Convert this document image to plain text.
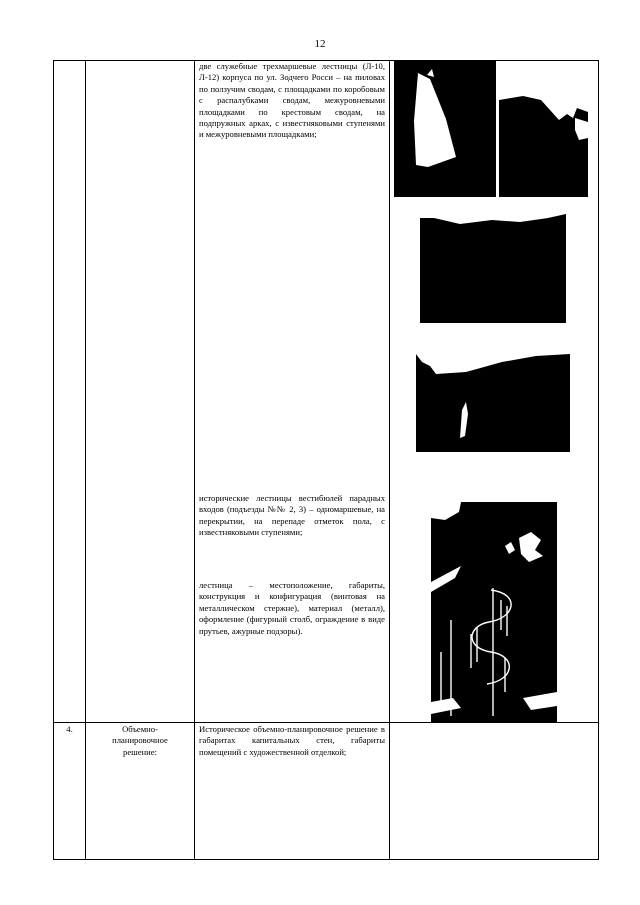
12
две служебные трехмаршевые лестницы (Л-10, Л-12) корпуса по ул. Зодчего Росси – на пиловах по ползучим сводам, с площадками по коробовым с распалубками сводам, межуровневыми площадками по крестовым сводам, на подпружных арках, с известняковыми ступенями и межуровневыми площадками;
исторические лестницы вестибюлей парадных входов (подъезды №№ 2, 3) – одномаршевые, на перекрытии, на перепаде отметок пола, с известняковыми ступенями;
лестница – местоположение, габариты, конструкция и конфигурация (винтовая на металлическом стержне), материал (металл), оформление (фигурный столб, ограждение в виде прутьев, ажурные подзоры).
4.	Объемно-планировочное решение:
Историческое объемно-планировочное решение в габаритах капитальных стен, габариты помещений с художественной отделкой;
